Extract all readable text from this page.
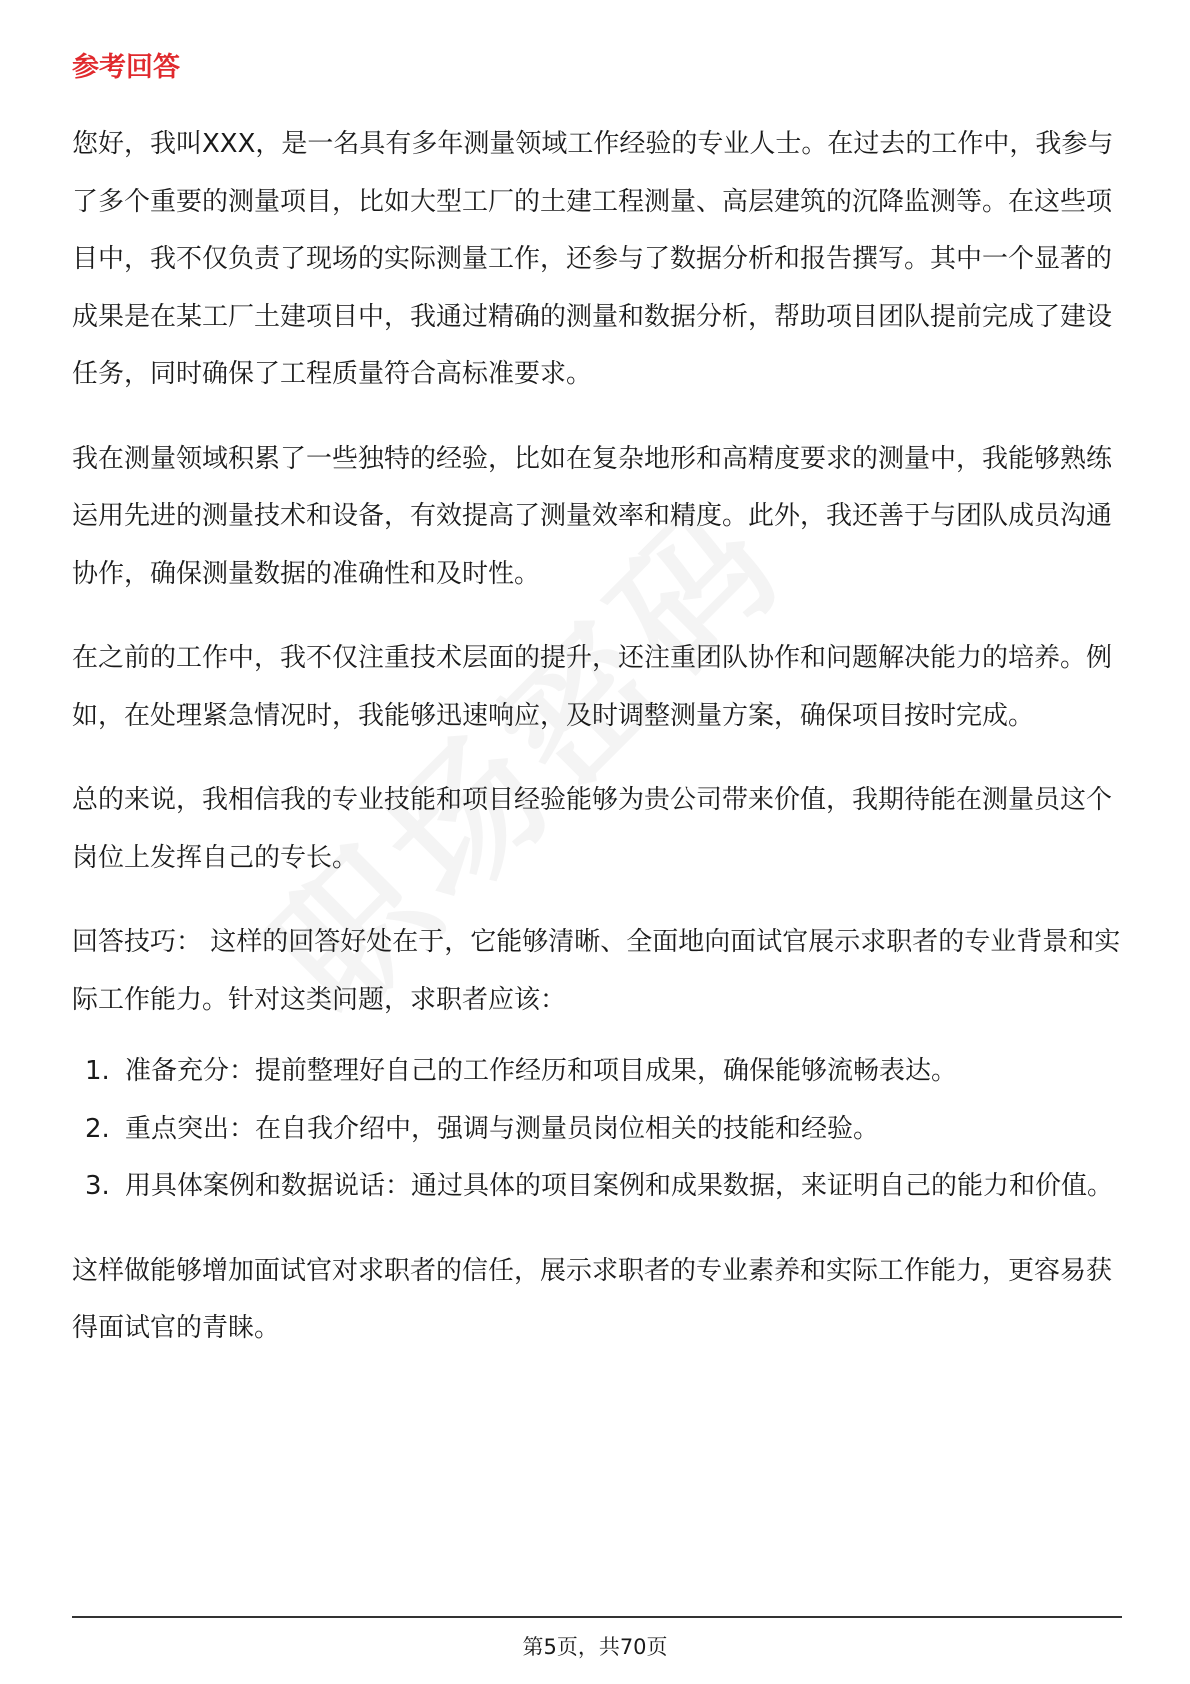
参考回答

您好，我叫XXX，是一名具有多年测量领域工作经验的专业人士。在过去的工作中，我参与了多个重要的测量项目，比如大型工厂的土建工程测量、高层建筑的沉降监测等。在这些项目中，我不仅负责了现场的实际测量工作，还参与了数据分析和报告撰写。其中一个显著的成果是在某工厂土建项目中，我通过精确的测量和数据分析，帮助项目团队提前完成了建设任务，同时确保了工程质量符合高标准要求。

我在测量领域积累了一些独特的经验，比如在复杂地形和高精度要求的测量中，我能够熟练运用先进的测量技术和设备，有效提高了测量效率和精度。此外，我还善于与团队成员沟通协作，确保测量数据的准确性和及时性。

在之前的工作中，我不仅注重技术层面的提升，还注重团队协作和问题解决能力的培养。例如，在处理紧急情况时，我能够迅速响应，及时调整测量方案，确保项目按时完成。

总的来说，我相信我的专业技能和项目经验能够为贵公司带来价值，我期待能在测量员这个岗位上发挥自己的专长。

回答技巧： 这样的回答好处在于，它能够清晰、全面地向面试官展示求职者的专业背景和实际工作能力。针对这类问题，求职者应该：

1. 准备充分：提前整理好自己的工作经历和项目成果，确保能够流畅表达。
2. 重点突出：在自我介绍中，强调与测量员岗位相关的技能和经验。
3. 用具体案例和数据说话：通过具体的项目案例和成果数据，来证明自己的能力和价值。

这样做能够增加面试官对求职者的信任，展示求职者的专业素养和实际工作能力，更容易获得面试官的青睐。

第5页，共70页
